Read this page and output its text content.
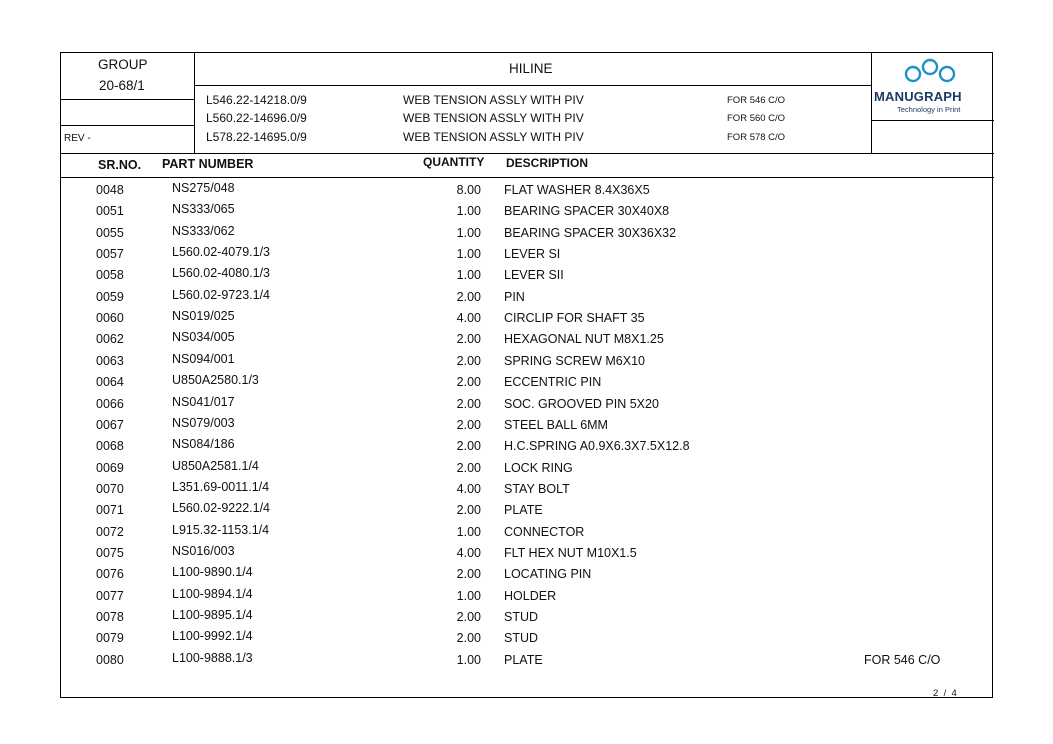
GROUP
20-68/1
REV -
HILINE
L546.22-14218.0/9	WEB TENSION ASSLY WITH PIV	FOR 546 C/O
L560.22-14696.0/9	WEB TENSION ASSLY WITH PIV	FOR 560 C/O
L578.22-14695.0/9	WEB TENSION ASSLY WITH PIV	FOR 578 C/O
MANUGRAPH
Technology in Print
SR.NO. PART NUMBER	QUANTITY DESCRIPTION
0048	NS275/048	8.00 FLAT WASHER 8.4X36X5
0051	NS333/065	1.00 BEARING SPACER 30X40X8
0055	NS333/062	1.00 BEARING SPACER 30X36X32
0057	L560.02-4079.1/3	1.00 LEVER SI
0058	L560.02-4080.1/3	1.00 LEVER SII
0059	L560.02-9723.1/4	2.00 PIN
0060	NS019/025	4.00 CIRCLIP FOR SHAFT 35
0062	NS034/005	2.00 HEXAGONAL NUT M8X1.25
0063	NS094/001	2.00 SPRING SCREW M6X10
0064	U850A2580.1/3	2.00 ECCENTRIC PIN
0066	NS041/017	2.00 SOC. GROOVED PIN 5X20
0067	NS079/003	2.00 STEEL BALL 6MM
0068	NS084/186	2.00 H.C.SPRING A0.9X6.3X7.5X12.8
0069	U850A2581.1/4	2.00 LOCK RING
0070	L351.69-0011.1/4	4.00 STAY BOLT
0071	L560.02-9222.1/4	2.00 PLATE
0072	L915.32-1153.1/4	1.00 CONNECTOR
0075	NS016/003	4.00 FLT HEX NUT M10X1.5
0076	L100-9890.1/4	2.00 LOCATING PIN
0077	L100-9894.1/4	1.00 HOLDER
0078	L100-9895.1/4	2.00 STUD
0079	L100-9992.1/4	2.00 STUD
0080	L100-9888.1/3	1.00 PLATE	FOR 546 C/O
2 / 4
